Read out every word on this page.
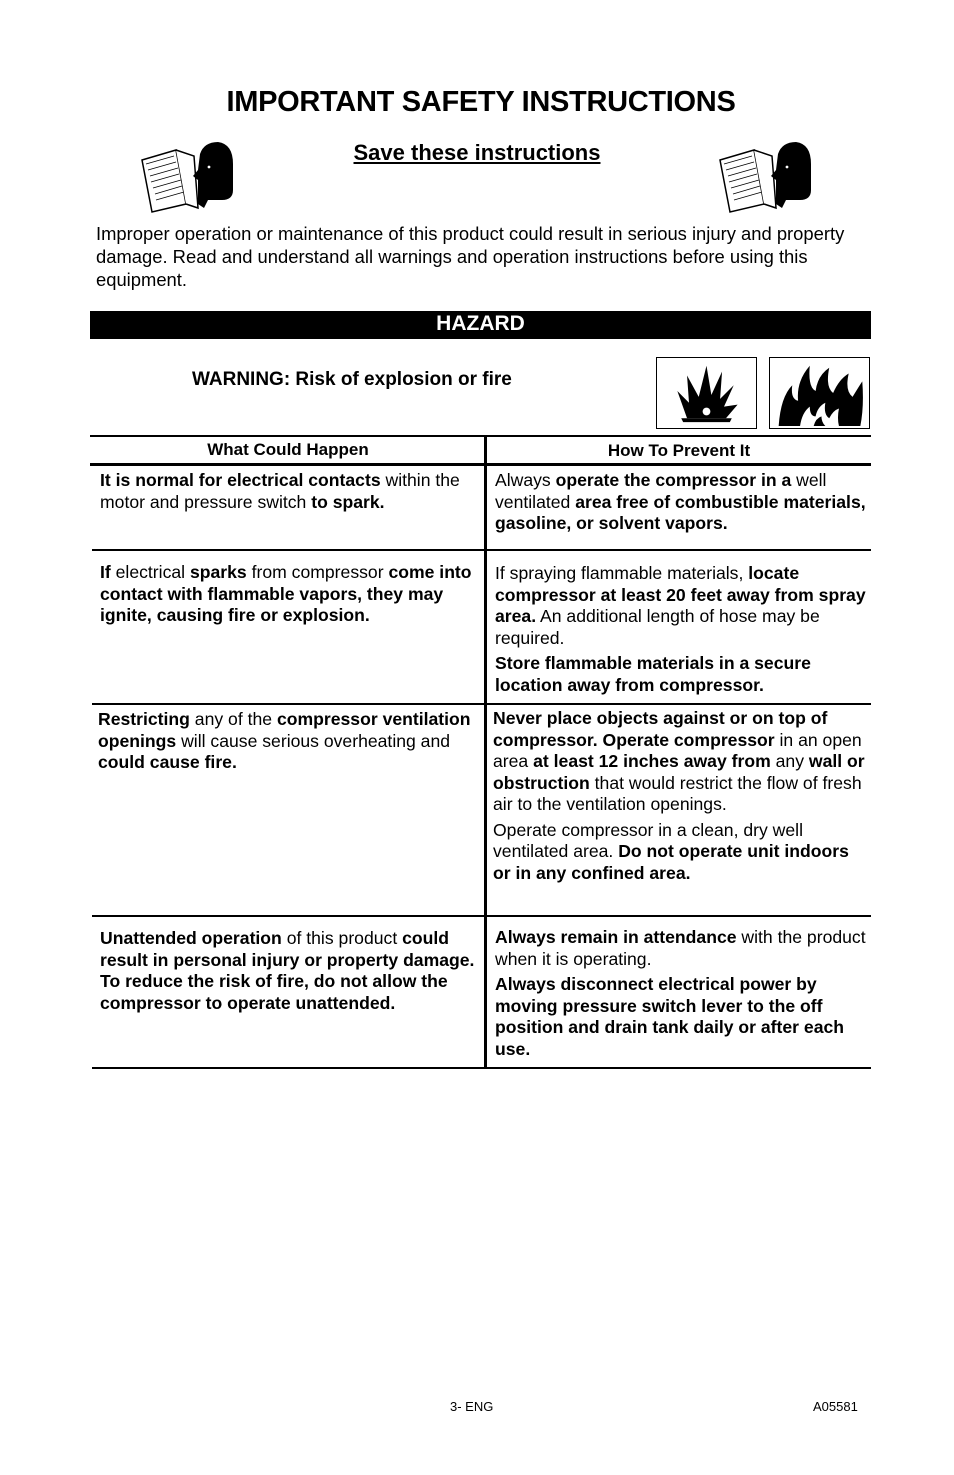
IMPORTANT SAFETY INSTRUCTIONS
Save these instructions
Improper operation or maintenance of this product could result in serious injury and property damage. Read and understand all warnings and operation instructions before using this equipment.
HAZARD
WARNING: Risk of explosion or fire
What Could Happen	How To Prevent It

It is normal for electrical contacts within the motor and pressure switch to spark.

Always operate the compressor in a well ventilated area free of combustible materials, gasoline, or solvent vapors.

If electrical sparks from compressor come into contact with flammable vapors, they may ignite, causing fire or explosion.

If spraying flammable materials, locate compressor at least 20 feet away from spray area. An additional length of hose may be required.

Store flammable materials in a secure location away from compressor.

Restricting any of the compressor ventilation openings will cause serious overheating and could cause fire.

Never place objects against or on top of compressor. Operate compressor in an open area at least 12 inches away from any wall or obstruction that would restrict the flow of fresh air to the ventilation openings.

Operate compressor in a clean, dry well ventilated area. Do not operate unit indoors or in any confined area.

Unattended operation of this product could result in personal injury or property damage. To reduce the risk of fire, do not allow the compressor to operate unattended.

Always remain in attendance with the product when it is operating.

Always disconnect electrical power by moving pressure switch lever to the off position and drain tank daily or after each use.

3- ENG	A05581
